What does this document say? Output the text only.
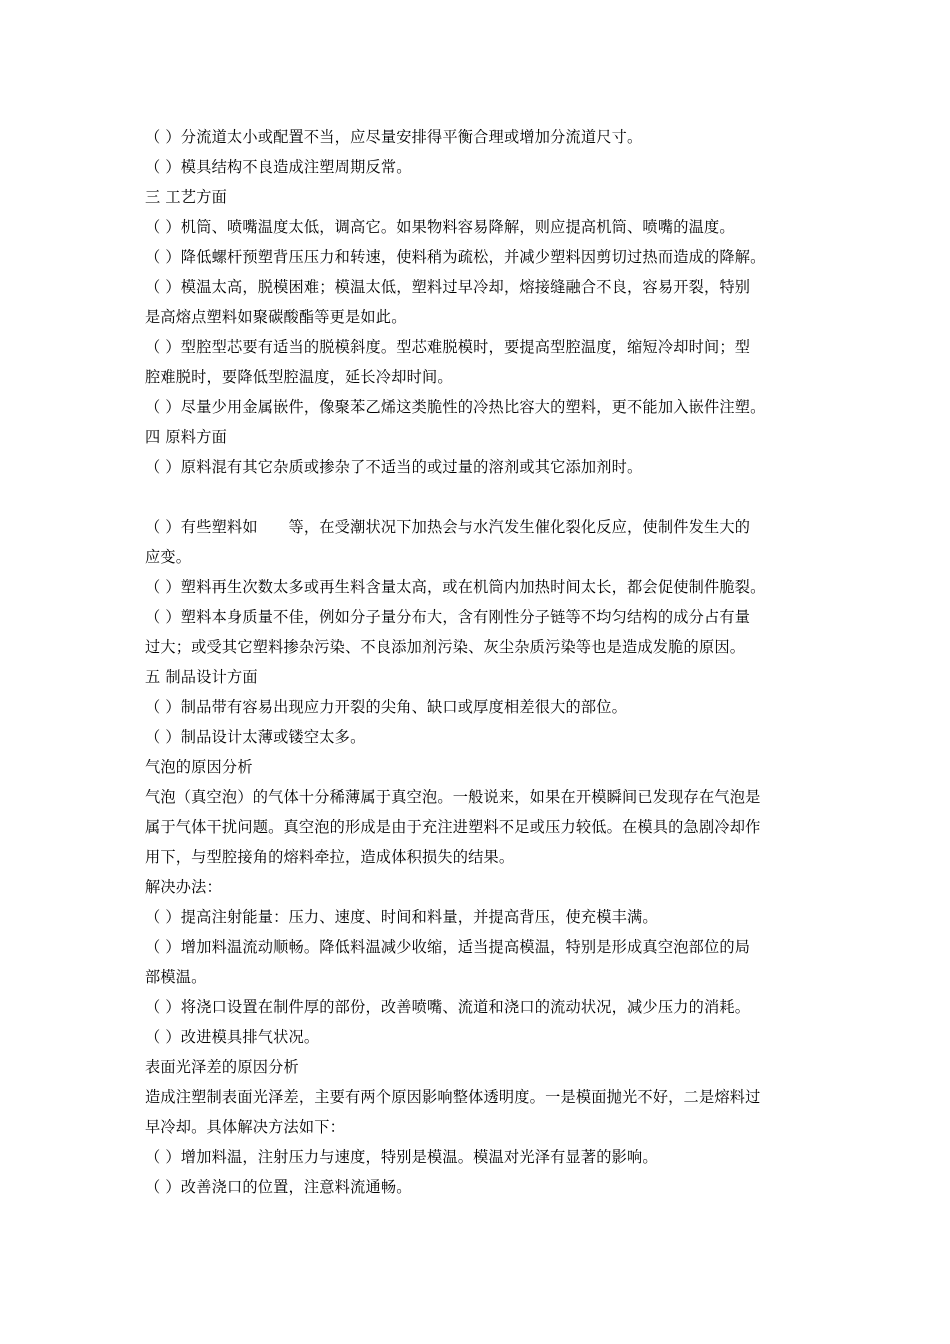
（ ）分流道太小或配置不当，应尽量安排得平衡合理或增加分流道尺寸。
（ ）模具结构不良造成注塑周期反常。
三 工艺方面
（ ）机筒、喷嘴温度太低，调高它。如果物料容易降解，则应提高机筒、喷嘴的温度。
（ ）降低螺杆预塑背压压力和转速，使料稍为疏松，并减少塑料因剪切过热而造成的降解。
（ ）模温太高，脱模困难；模温太低，塑料过早冷却，熔接缝融合不良，容易开裂，特别
是高熔点塑料如聚碳酸酯等更是如此。
（ ）型腔型芯要有适当的脱模斜度。型芯难脱模时，要提高型腔温度，缩短冷却时间；型
腔难脱时，要降低型腔温度，延长冷却时间。
（ ）尽量少用金属嵌件，像聚苯乙烯这类脆性的冷热比容大的塑料，更不能加入嵌件注塑。
四 原料方面
（ ）原料混有其它杂质或掺杂了不适当的或过量的溶剂或其它添加剂时。
（ ）有些塑料如　　等，在受潮状况下加热会与水汽发生催化裂化反应，使制件发生大的
应变。
（ ）塑料再生次数太多或再生料含量太高，或在机筒内加热时间太长，都会促使制件脆裂。
（ ）塑料本身质量不佳，例如分子量分布大，含有刚性分子链等不均匀结构的成分占有量
过大；或受其它塑料掺杂污染、不良添加剂污染、灰尘杂质污染等也是造成发脆的原因。
五 制品设计方面
（ ）制品带有容易出现应力开裂的尖角、缺口或厚度相差很大的部位。
（ ）制品设计太薄或镂空太多。
气泡的原因分析
气泡（真空泡）的气体十分稀薄属于真空泡。一般说来，如果在开模瞬间已发现存在气泡是
属于气体干扰问题。真空泡的形成是由于充注进塑料不足或压力较低。在模具的急剧冷却作
用下，与型腔接角的熔料牵拉，造成体积损失的结果。
解决办法：
（ ）提高注射能量：压力、速度、时间和料量，并提高背压，使充模丰满。
（ ）增加料温流动顺畅。降低料温减少收缩，适当提高模温，特别是形成真空泡部位的局
部模温。
（ ）将浇口设置在制件厚的部份，改善喷嘴、流道和浇口的流动状况，减少压力的消耗。
（ ）改进模具排气状况。
表面光泽差的原因分析
造成注塑制表面光泽差，主要有两个原因影响整体透明度。一是模面抛光不好，二是熔料过
早冷却。具体解决方法如下：
（ ）增加料温，注射压力与速度，特别是模温。模温对光泽有显著的影响。
（ ）改善浇口的位置，注意料流通畅。
